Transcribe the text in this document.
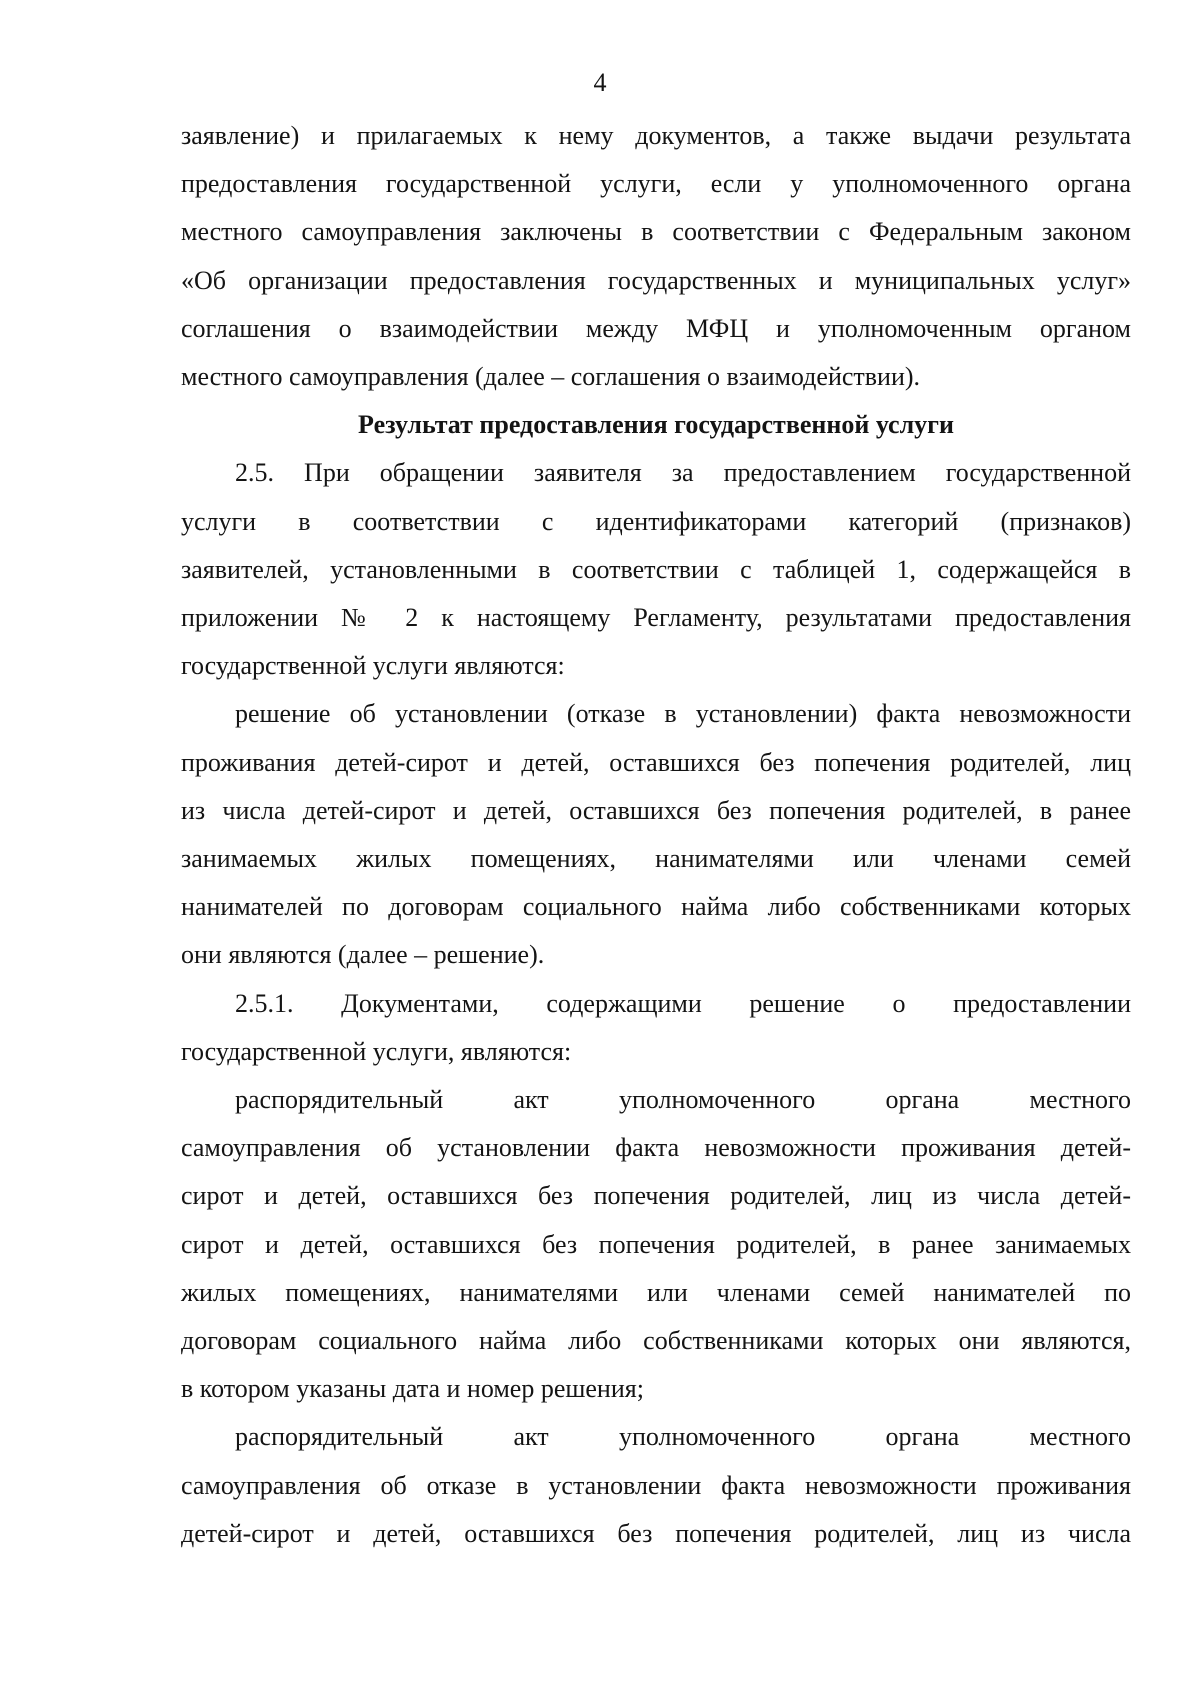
4

заявление) и прилагаемых к нему документов, а также выдачи результата

предоставления государственной услуги, если у уполномоченного органа

местного самоуправления заключены в соответствии с Федеральным законом

«Об организации предоставления государственных и муниципальных услуг»

соглашения о взаимодействии между МФЦ и уполномоченным органом

местного самоуправления (далее – соглашения о взаимодействии).

Результат предоставления государственной услуги

2.5. При обращении заявителя за предоставлением государственной

услуги в соответствии с идентификаторами категорий (признаков)

заявителей, установленными в соответствии с таблицей 1, содержащейся в

приложении № 2 к настоящему Регламенту, результатами предоставления

государственной услуги являются:

решение об установлении (отказе в установлении) факта невозможности

проживания детей-сирот и детей, оставшихся без попечения родителей, лиц

из числа детей-сирот и детей, оставшихся без попечения родителей, в ранее

занимаемых жилых помещениях, нанимателями или членами семей

нанимателей по договорам социального найма либо собственниками которых

они являются (далее – решение).

2.5.1. Документами, содержащими решение о предоставлении

государственной услуги, являются:

распорядительный акт уполномоченного органа местного

самоуправления об установлении факта невозможности проживания детей-

сирот и детей, оставшихся без попечения родителей, лиц из числа детей-

сирот и детей, оставшихся без попечения родителей, в ранее занимаемых

жилых помещениях, нанимателями или членами семей нанимателей по

договорам социального найма либо собственниками которых они являются,

в котором указаны дата и номер решения;

распорядительный акт уполномоченного органа местного

самоуправления об отказе в установлении факта невозможности проживания

детей-сирот и детей, оставшихся без попечения родителей, лиц из числа
